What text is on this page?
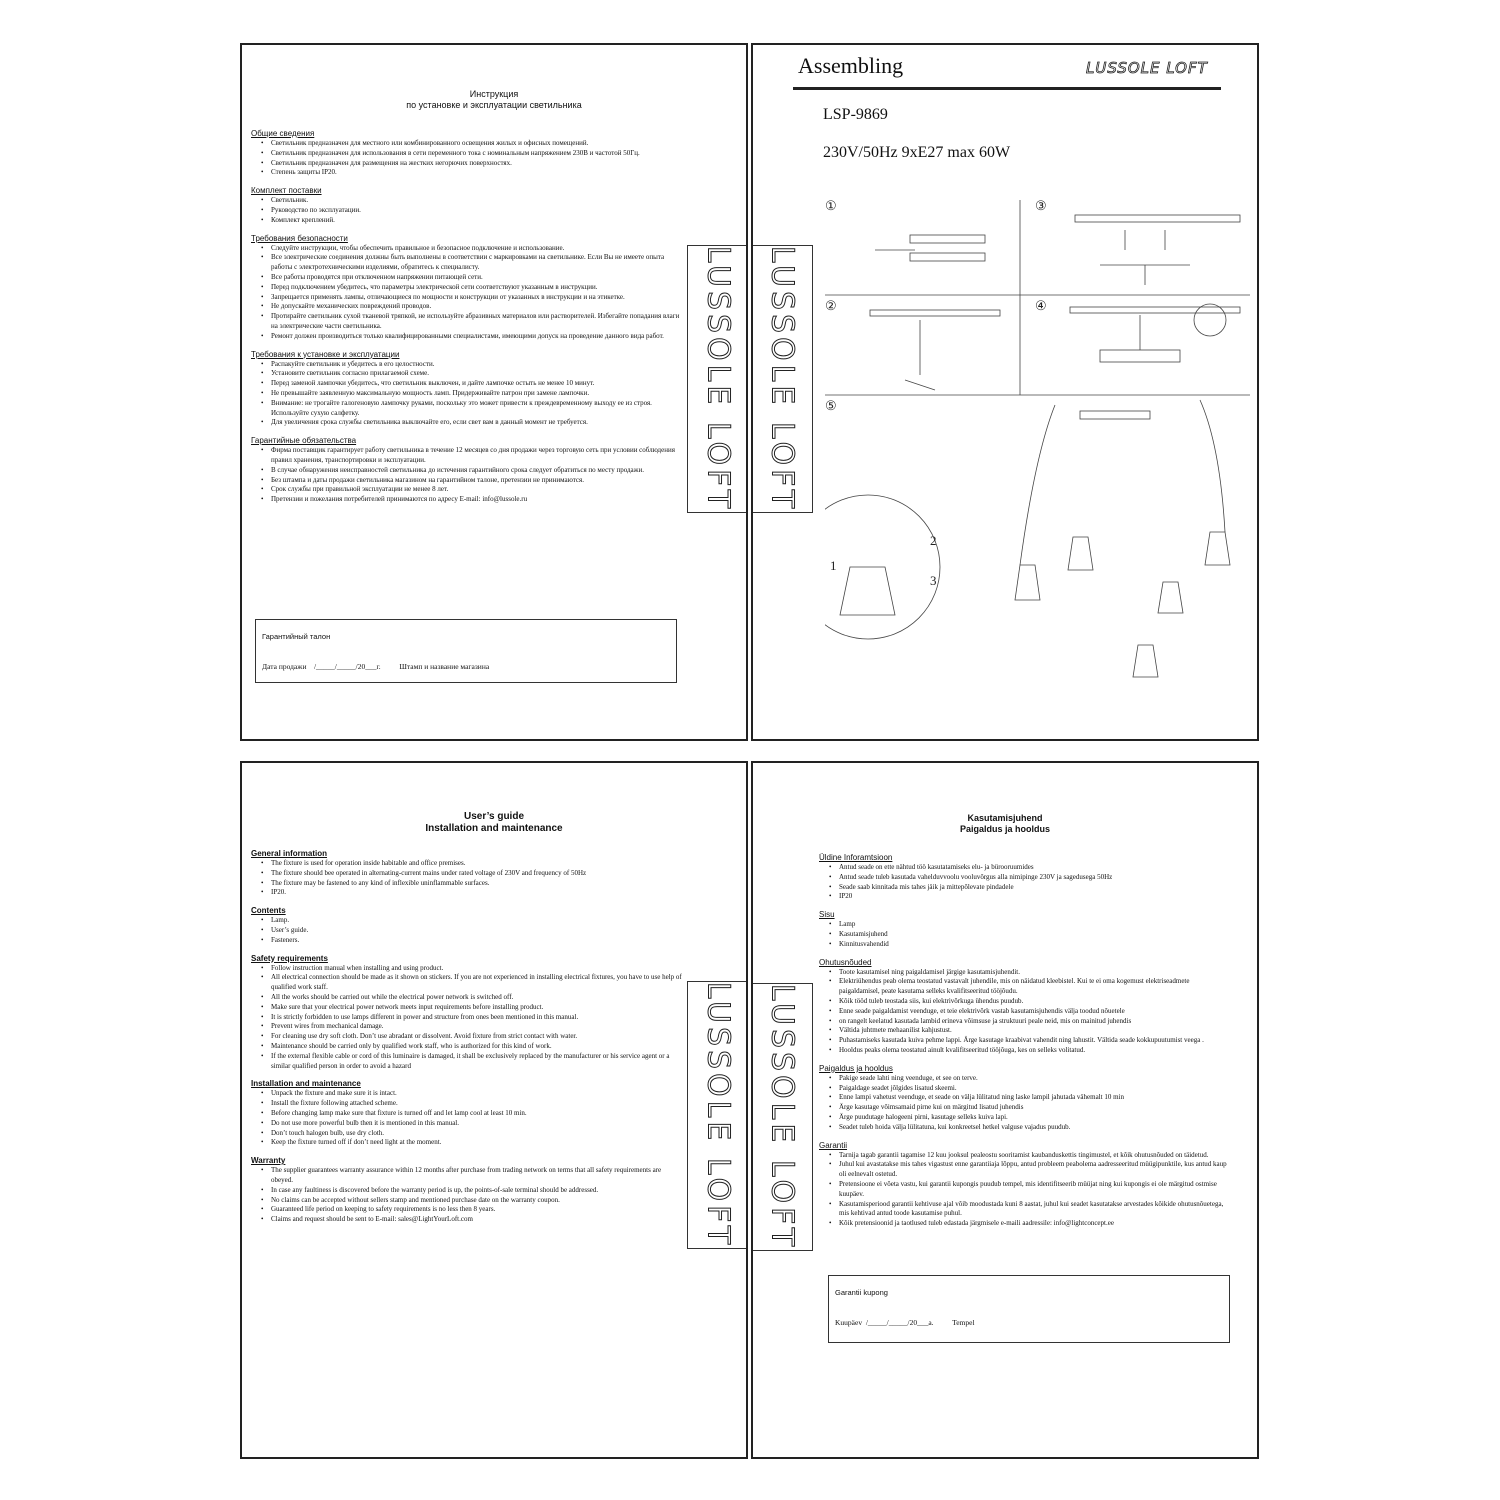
Инструкция
по установке и эксплуатации светильника
Общие сведения
• Светильник предназначен для местного или комбинированного освещения жилых и офисных помещений.
• Светильник предназначен для использования в сети переменного тока с номинальным напряжением 230В и частотой 50Гц.
• Светильник предназначен для размещения на жестких негорючих поверхностях.
• Степень защиты IP20.
Комплект поставки
• Светильник.
• Руководство по эксплуатации.
• Комплект креплений.
Требования безопасности
• Следуйте инструкции, чтобы обеспечить правильное и безопасное подключение и использование.
• Все электрические соединения должны быть выполнены в соответствии с маркировками на светильнике. Если Вы не имеете опыта работы с электротехническими изделиями, обратитесь к специалисту.
• Все работы проводятся при отключенном напряжении питающей сети.
• Перед подключением убедитесь, что параметры электрической сети соответствуют указанным в инструкции.
• Запрещается применять лампы, отличающиеся по мощности и конструкции от указанных в инструкции и на этикетке.
• Не допускайте механических повреждений проводов.
• Протирайте светильник сухой тканевой тряпкой, не используйте абразивных материалов или растворителей. Избегайте попадания влаги на электрические части светильника.
• Ремонт должен производиться только квалифицированными специалистами, имеющими допуск на проведение данного вида работ.
Требования к установке и эксплуатации
• Распакуйте светильник и убедитесь в его целостности.
• Установите светильник согласно прилагаемой схеме.
• Перед заменой лампочки убедитесь, что светильник выключен, и дайте лампочке остыть не менее 10 минут.
• Не превышайте заявленную максимальную мощность ламп. Придерживайте патрон при замене лампочки.
• Внимание: не трогайте галогеновую лампочку руками, поскольку это может привести к преждевременному выходу ее из строя. Используйте сухую салфетку.
• Для увеличения срока службы светильника выключайте его, если свет вам в данный момент не требуется.
Гарантийные обязательства
• Фирма поставщик гарантирует работу светильника в течение 12 месяцев со дня продажи через торговую сеть при условии соблюдения правил хранения, транспортировки и эксплуатации.
• В случае обнаружения неисправностей светильника до истечения гарантийного срока следует обратиться по месту продажи.
• Без штампа и даты продажи светильника магазином на гарантийном талоне, претензии не принимаются.
• Срок службы при правильной эксплуатации не менее 8 лет.
• Претензии и пожелания потребителей принимаются по адресу E-mail: info@lussole.ru
Гарантийный талон
Дата продажи    /_____/_____/20___г.          Штамп и название магазина
LUSSOLE LOFT LUSSOLE LOFT
Assembling	LUSSOLE LOFT
LSP-9869
230V/50Hz 9xE27 max 60W
①
②
③
④
⑤
1
2
3
User’s guide
Installation and maintenance
General information
• The fixture is used for operation inside habitable and office premises.
• The fixture should bee operated in alternating-current mains under rated voltage of 230V and frequency of 50Hz
• The fixture may be fastened to any kind of inflexible uninflammable surfaces.
• IP20.
Contents
• Lamp.
• User’s guide.
• Fasteners.
Safety requirements
• Follow instruction manual when installing and using product.
• All electrical connection should be made as it shown on stickers. If you are not experienced in installing electrical fixtures, you have to use help of qualified work staff.
• All the works should be carried out while the electrical power network is switched off.
• Make sure that your electrical power network meets input requirements before installing product.
• It is strictly forbidden to use lamps different in power and structure from ones been mentioned in this manual.
• Prevent wires from mechanical damage.
• For cleaning use dry soft cloth. Don’t use abradant or dissolvent. Avoid fixture from strict contact with water.
• Maintenance should be carried only by qualified work staff, who is authorized for this kind of work.
• If the external flexible cable or cord of this luminaire is damaged, it shall be exclusively replaced by the manufacturer or his service agent or a similar qualified person in order to avoid a hazard
Installation and maintenance
• Unpack the fixture and make sure it is intact.
• Install the fixture following attached scheme.
• Before changing lamp make sure that fixture is turned off and let lamp cool at least 10 min.
• Do not use more powerful bulb then it is mentioned in this manual.
• Don’t touch halogen bulb, use dry cloth.
• Keep the fixture turned off if don’t need light at the moment.
Warranty
• The supplier guarantees warranty assurance within 12 months after purchase from trading network on terms that all safety requirements are obeyed.
• In case any faultiness is discovered before the warranty period is up, the points-of-sale terminal should be addressed.
• No claims can be accepted without sellers stamp and mentioned purchase date on the warranty coupon.
• Guaranteed life period on keeping to safety requirements is no less then 8 years.
• Claims and request should be sent to E-mail: sales@LightYourLoft.com	LUSSOLE LOFT LUSSOLE LOFT
Kasutamisjuhend
Paigaldus ja hooldus
Üldine Inforamtsioon
• Antud seade on ette nähtud töö kasutatamiseks elu- ja bürooruumides
• Antud seade tuleb kasutada vahelduvvoolu vooluvõrgus alla nimipinge 230V ja sagedusega 50Hz
• Seade saab kinnitada mis tahes jäik ja mittepõlevate pindadele
• IP20
Sisu
• Lamp
• Kasutamisjuhend
• Kinnitusvahendid
Ohutusnõuded
• Toote kasutamisel ning paigaldamisel järgige kasutamisjuhendit.
• Elektriühendus peab olema teostatud vastavalt juhendile, mis on näidatud kleebistel. Kui te ei oma kogemust elektriseadmete paigaldamisel, peate kasutama selleks kvalifitseeritud tööjõudu.
• Kõik tööd tuleb teostada siis, kui elektrivõrkuga ühendus puudub.
• Enne seade paigaldamist veenduge, et teie elektrivõrk vastab kasutamisjuhendis välja toodud nõuetele
• on rangelt keelatud kasutada lambid erineva võimsuse ja struktuuri peale neid, mis on mainitud juhendis
• Vältida juhtmete mehaanilist kahjustust.
• Puhastamiseks kasutada kuiva pehme lappi. Ärge kasutage kraabivat vahendit ning lahustit. Vältida seade kokkupuutumist veega .
• Hooldus peaks olema teostatud ainult kvalifitseeritud tööjõuga, kes on selleks volitatud.
Paigaldus ja hooldus
• Pakige seade lahti ning veenduge, et see on terve.
• Paigaldage seadet jõlgides lisatud skeemi.
• Enne lampi vahetust veenduge, et seade on välja lülitatud ning laske lampil jahutada vähemalt 10 min
• Ärge kasutage võimsamaid pirne kui on märgitud lisatud juhendis
• Ärge puudutage halogeeni pirni, kasutage selleks kuiva lapi.
• Seadet tuleb hoida välja lülitatuna, kui konkreetsel hetkel valguse vajadus puudub.
Garantii
• Tarnija tagab garantii tagamise 12 kuu jooksul pealeostu sooritamist kaubanduskettis tingimustel, et kõik ohutusnõuded on täidetud.
• Juhul kui avastatakse mis tahes vigastust enne garantiiaja lõppu, antud probleem peabolema aadresseeritud müügipunktile, kus antud kaup oli eelnevalt ostetud.
• Pretensioone ei võeta vastu, kui garantii kupongis puudub tempel, mis identifitseerib müüjat ning kui kupongis ei ole märgitud ostmise kuupäev.
• Kasutamisperiood garantii kehtivuse ajal võib moodustada kuni 8 aastat, juhul kui seadet kasutatakse arvestades kõikide ohutusnõuetega, mis kehtivad antud toode kasutamise puhul.
• Kõik pretensioonid ja taotlused tuleb edastada järgmisele e-maili aadressile: info@lightconcept.ee
Garantii kupong
Kuupäev  /_____/_____/20___a.          Tempel
